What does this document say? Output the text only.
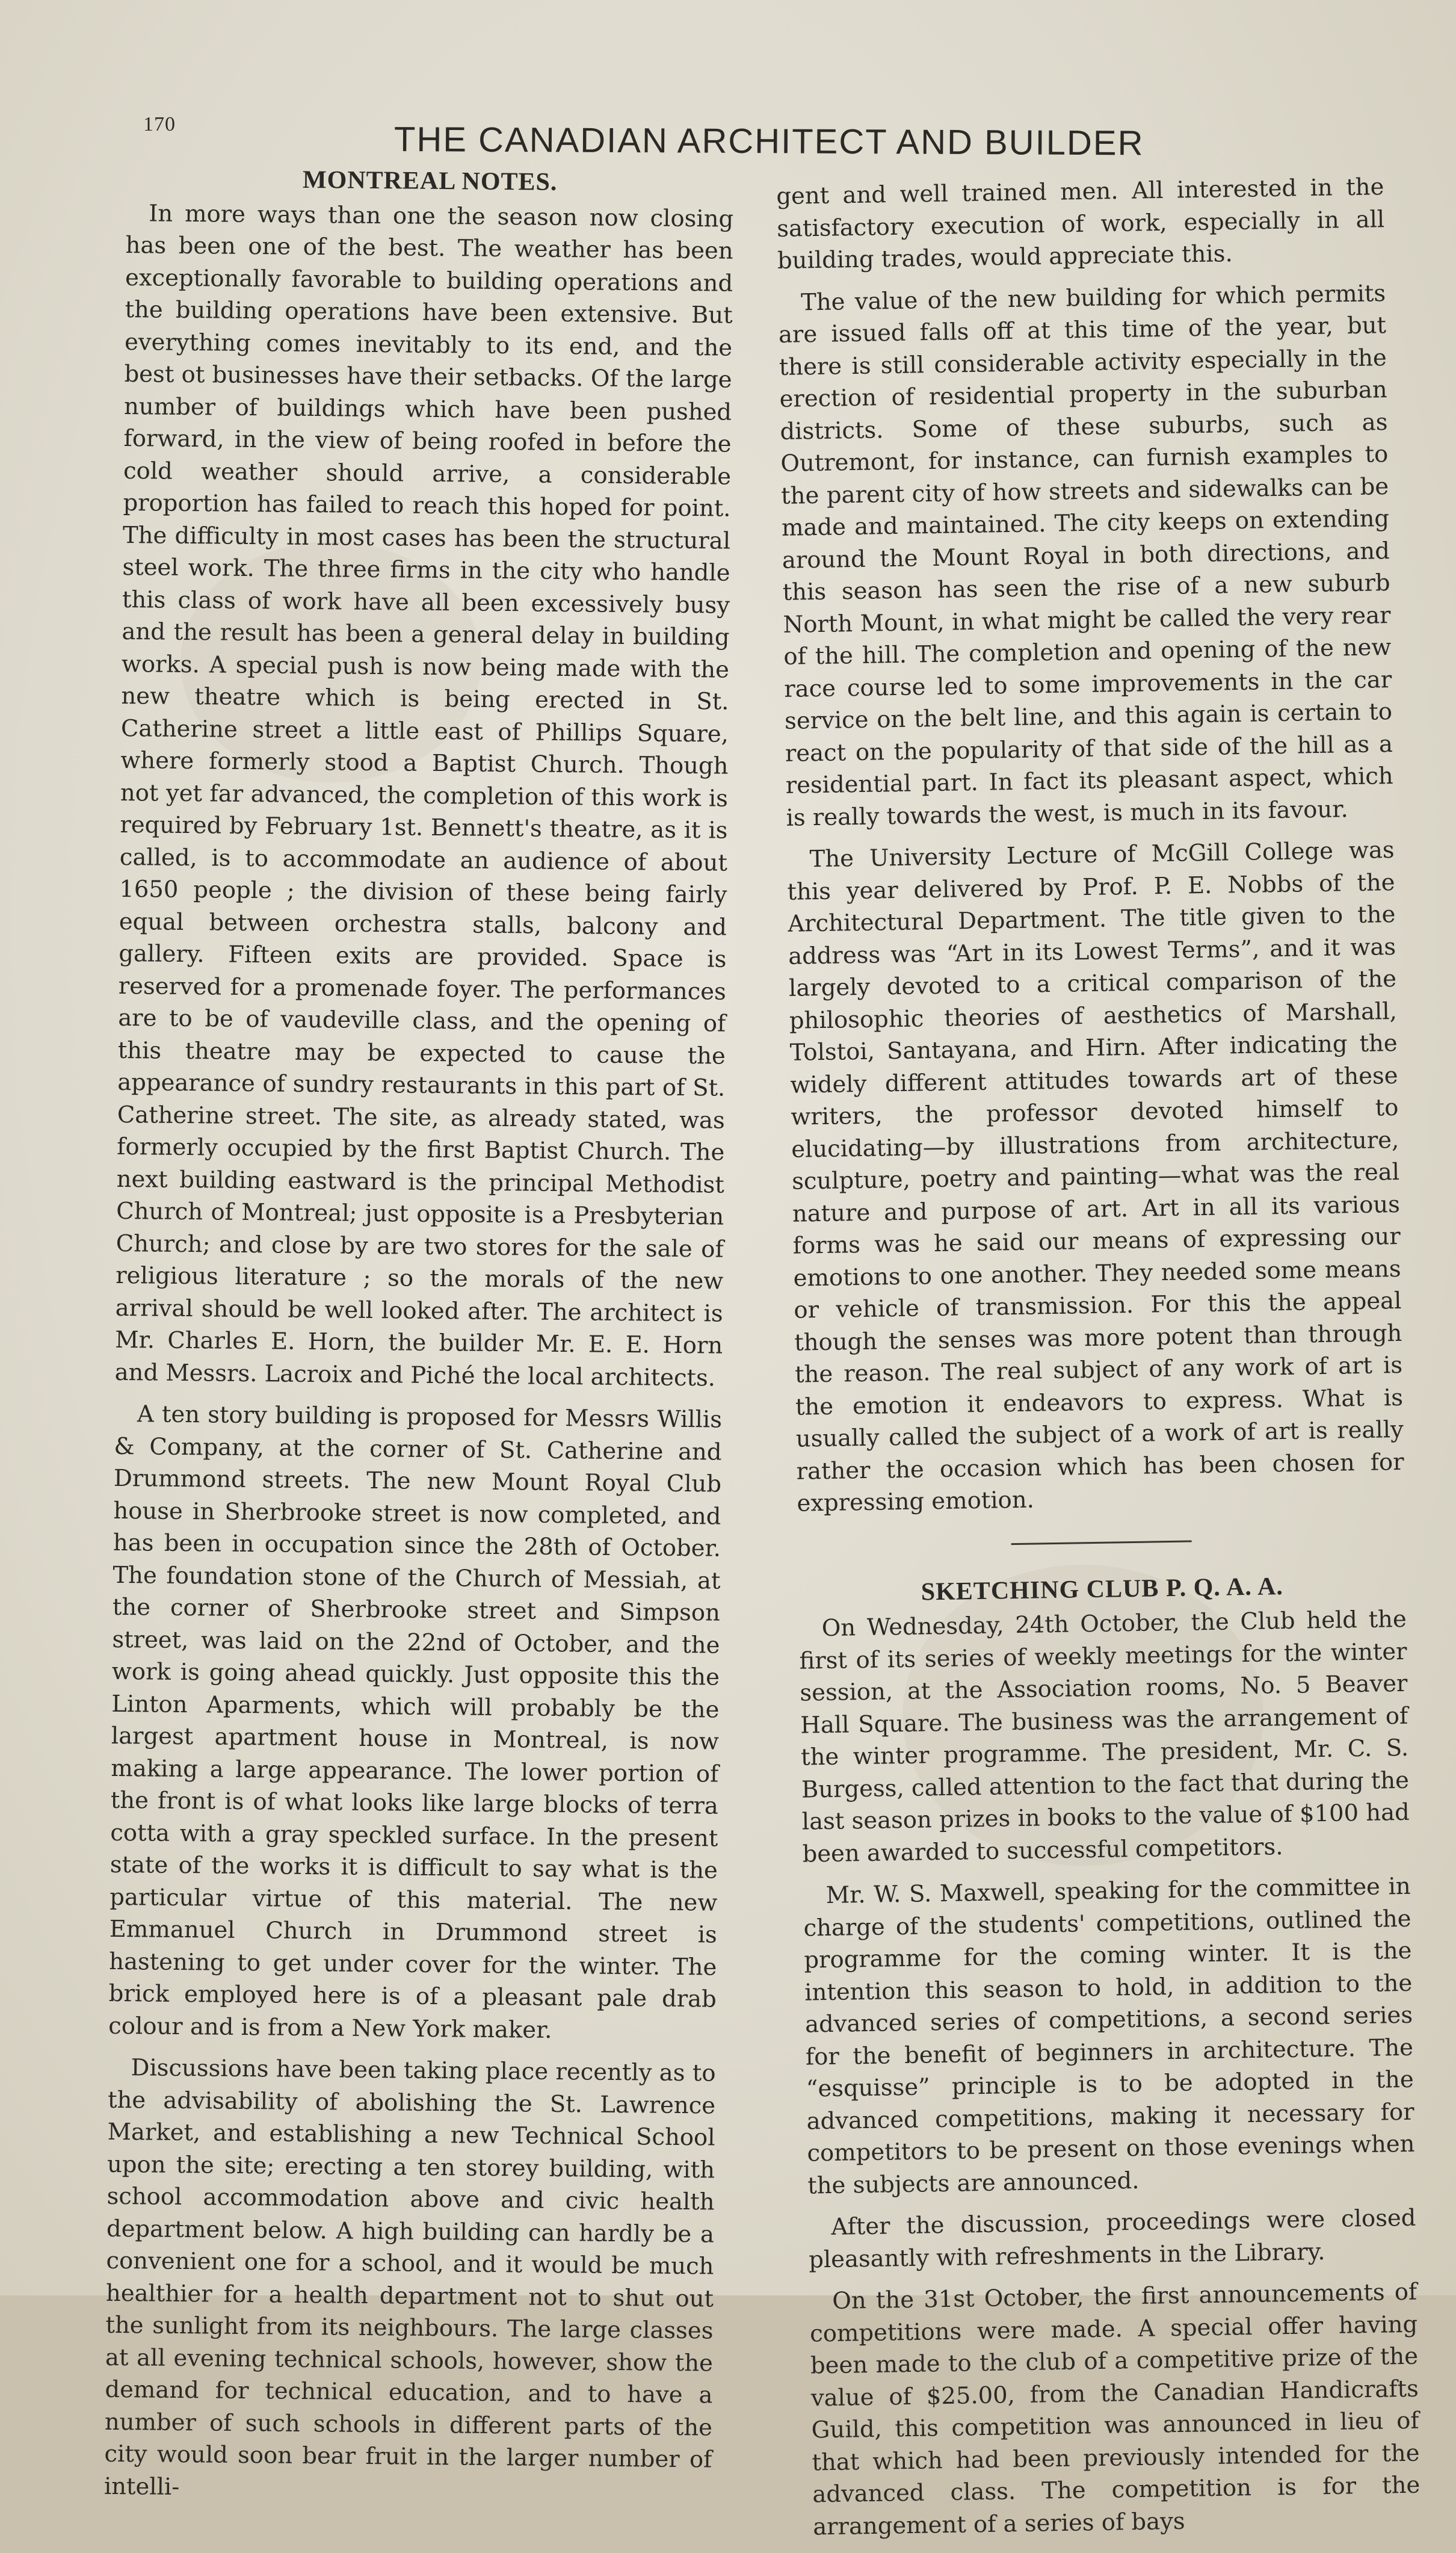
170	THE CANADIAN ARCHITECT AND BUILDER
MONTREAL NOTES.

In more ways than one the season now closing has been one of the best. The weather has been exceptionally favorable to building operations and the building operations have been extensive. But everything comes inevitably to its end, and the best ot businesses have their setbacks. Of the large number of buildings which have been pushed forward, in the view of being roofed in before the cold weather should arrive, a considerable proportion has failed to reach this hoped for point. The difficulty in most cases has been the structural steel work. The three firms in the city who handle this class of work have all been excessively busy and the result has been a general delay in building works. A special push is now being made with the new theatre which is being erected in St. Catherine street a little east of Phillips Square, where formerly stood a Baptist Church. Though not yet far advanced, the completion of this work is required by February 1st. Bennett's theatre, as it is called, is to accommodate an audience of about 1650 people ; the division of these being fairly equal between orchestra stalls, balcony and gallery. Fifteen exits are provided. Space is reserved for a promenade foyer. The performances are to be of vaudeville class, and the opening of this theatre may be expected to cause the appearance of sundry restaurants in this part of St. Catherine street. The site, as already stated, was formerly occupied by the first Baptist Church. The next building eastward is the principal Methodist Church of Montreal; just opposite is a Presbyterian Church; and close by are two stores for the sale of religious literature ; so the morals of the new arrival should be well looked after. The architect is Mr. Charles E. Horn, the builder Mr. E. E. Horn and Messrs. Lacroix and Piché the local architects.

A ten story building is proposed for Messrs Willis & Company, at the corner of St. Catherine and Drummond streets. The new Mount Royal Club house in Sherbrooke street is now completed, and has been in occupation since the 28th of October. The foundation stone of the Church of Messiah, at the corner of Sherbrooke street and Simpson street, was laid on the 22nd of October, and the work is going ahead quickly. Just opposite this the Linton Aparments, which will probably be the largest apartment house in Montreal, is now making a large appearance. The lower portion of the front is of what looks like large blocks of terra cotta with a gray speckled surface. In the present state of the works it is difficult to say what is the particular virtue of this material. The new Emmanuel Church in Drummond street is hastening to get under cover for the winter. The brick employed here is of a pleasant pale drab colour and is from a New York maker.

Discussions have been taking place recently as to the advisability of abolishing the St. Lawrence Market, and establishing a new Technical School upon the site; erecting a ten storey building, with school accommodation above and civic health department below. A high building can hardly be a convenient one for a school, and it would be much healthier for a health department not to shut out the sunlight from its neighbours. The large classes at all evening technical schools, however, show the demand for technical education, and to have a number of such schools in different parts of the city would soon bear fruit in the larger number of intelli-

gent and well trained men. All interested in the satisfactory execution of work, especially in all building trades, would appreciate this.

The value of the new building for which permits are issued falls off at this time of the year, but there is still considerable activity especially in the erection of residential property in the suburban districts. Some of these suburbs, such as Outremont, for instance, can furnish examples to the parent city of how streets and sidewalks can be made and maintained. The city keeps on extending around the Mount Royal in both directions, and this season has seen the rise of a new suburb North Mount, in what might be called the very rear of the hill. The completion and opening of the new race course led to some improvements in the car service on the belt line, and this again is certain to react on the popularity of that side of the hill as a residential part. In fact its pleasant aspect, which is really towards the west, is much in its favour.

The University Lecture of McGill College was this year delivered by Prof. P. E. Nobbs of the Architectural Department. The title given to the address was “Art in its Lowest Terms”, and it was largely devoted to a critical comparison of the philosophic theories of aesthetics of Marshall, Tolstoi, Santayana, and Hirn. After indicating the widely different attitudes towards art of these writers, the professor devoted himself to elucidating—by illustrations from architecture, sculpture, poetry and painting—what was the real nature and purpose of art. Art in all its various forms was he said our means of expressing our emotions to one another. They needed some means or vehicle of transmission. For this the appeal though the senses was more potent than through the reason. The real subject of any work of art is the emotion it endeavors to express. What is usually called the subject of a work of art is really rather the occasion which has been chosen for expressing emotion.

SKETCHING CLUB P. Q. A. A.

On Wednesday, 24th October, the Club held the first of its series of weekly meetings for the winter session, at the Association rooms, No. 5 Beaver Hall Square. The business was the arrangement of the winter programme. The president, Mr. C. S. Burgess, called attention to the fact that during the last season prizes in books to the value of $100 had been awarded to successful competitors.

Mr. W. S. Maxwell, speaking for the committee in charge of the students' competitions, outlined the programme for the coming winter. It is the intention this season to hold, in addition to the advanced series of competitions, a second series for the benefit of beginners in architecture. The “esquisse” principle is to be adopted in the advanced competitions, making it necessary for competitors to be present on those evenings when the subjects are announced.

After the discussion, proceedings were closed pleasantly with refreshments in the Library.

On the 31st October, the first announcements of competitions were made. A special offer having been made to the club of a competitive prize of the value of $25.00, from the Canadian Handicrafts Guild, this competition was announced in lieu of that which had been previously intended for the advanced class. The competition is for the arrangement of a series of bays
